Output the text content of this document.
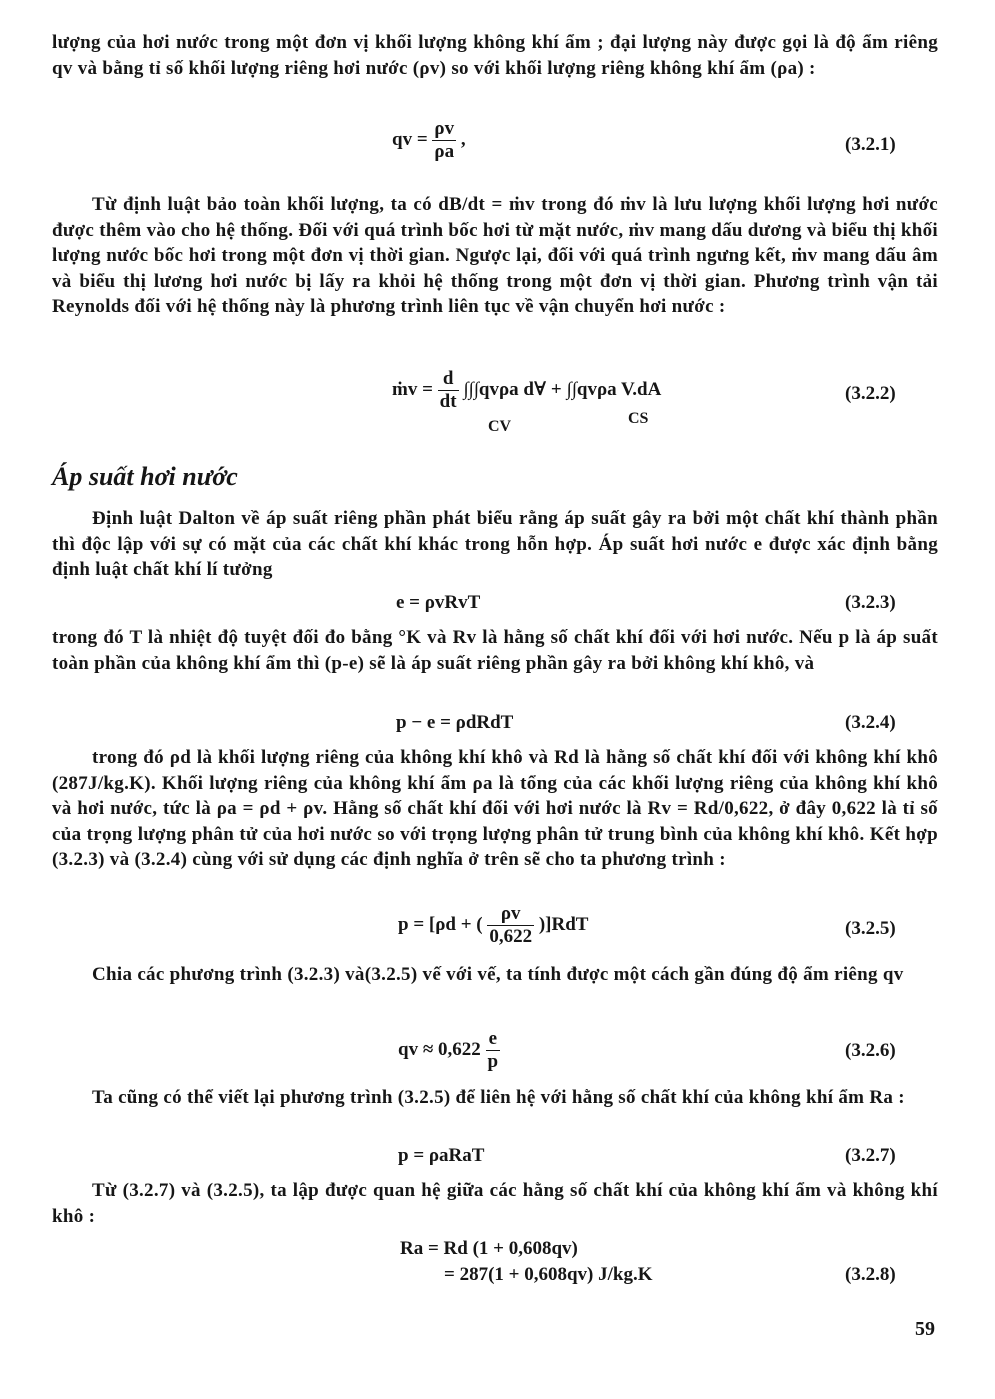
lượng của hơi nước trong một đơn vị khối lượng không khí ẩm ; đại lượng này được gọi là độ ẩm riêng qv và bằng tỉ số khối lượng riêng hơi nước (ρv) so với khối lượng riêng không khí ẩm (ρa) :
qv = $\frac{\rho v}{\rho a}$ ,	(3.2.1)
Từ định luật bảo toàn khối lượng, ta có dB/dt = ṁv trong đó ṁv là lưu lượng khối lượng hơi nước được thêm vào cho hệ thống. Đối với quá trình bốc hơi từ mặt nước, ṁv mang dấu dương và biểu thị khối lượng nước bốc hơi trong một đơn vị thời gian. Ngược lại, đối với quá trình ngưng kết, ṁv mang dấu âm và biểu thị lương hơi nước bị lấy ra khỏi hệ thống trong một đơn vị thời gian. Phương trình vận tải Reynolds đối với hệ thống này là phương trình liên tục về vận chuyển hơi nước :
ṁv = $\frac{d}{dt} \int\int\int qv\rho a$ d∀ + ∫∫qvρa V.dA
CV	CS
(3.2.2)
Áp suất hơi nước
Định luật Dalton về áp suất riêng phần phát biểu rằng áp suất gây ra bởi một chất khí thành phần thì độc lập với sự có mặt của các chất khí khác trong hỗn hợp. Áp suất hơi nước e được xác định bằng định luật chất khí lí tưởng
e = ρvRvT	(3.2.3)
trong đó T là nhiệt độ tuyệt đối đo bằng °K và Rv là hằng số chất khí đối với hơi nước. Nếu p là áp suất toàn phần của không khí ẩm thì (p-e) sẽ là áp suất riêng phần gây ra bởi không khí khô, và
p − e = ρdRdT	(3.2.4)
trong đó ρd là khối lượng riêng của không khí khô và Rd là hằng số chất khí đối với không khí khô (287J/kg.K). Khối lượng riêng của không khí ẩm ρa là tổng của các khối lượng riêng của không khí khô và hơi nước, tức là ρa = ρd + ρv. Hằng số chất khí đối với hơi nước là Rv = Rd/0,622, ở đây 0,622 là tỉ số của trọng lượng phân tử của hơi nước so với trọng lượng phân tử trung bình của không khí khô. Kết hợp (3.2.3) và (3.2.4) cùng với sử dụng các định nghĩa ở trên sẽ cho ta phương trình :
p = [ρd + ( $\frac{\rho v}{0,622} )]RdT$	(3.2.5)
Chia các phương trình (3.2.3) và(3.2.5) vế với vế, ta tính được một cách gần đúng độ ẩm riêng qv
qv ≈ $0,622 \frac{e}{p}$	(3.2.6)
Ta cũng có thể viết lại phương trình (3.2.5) để liên hệ với hằng số chất khí của không khí ẩm Ra :
p = ρaRaT	(3.2.7)
Từ (3.2.7) và (3.2.5), ta lập được quan hệ giữa các hằng số chất khí của không khí ẩm và không khí khô :
Ra = Rd (1 + 0,608qv)
= 287(1 + 0,608qv) J/kg.K	(3.2.8)
59
